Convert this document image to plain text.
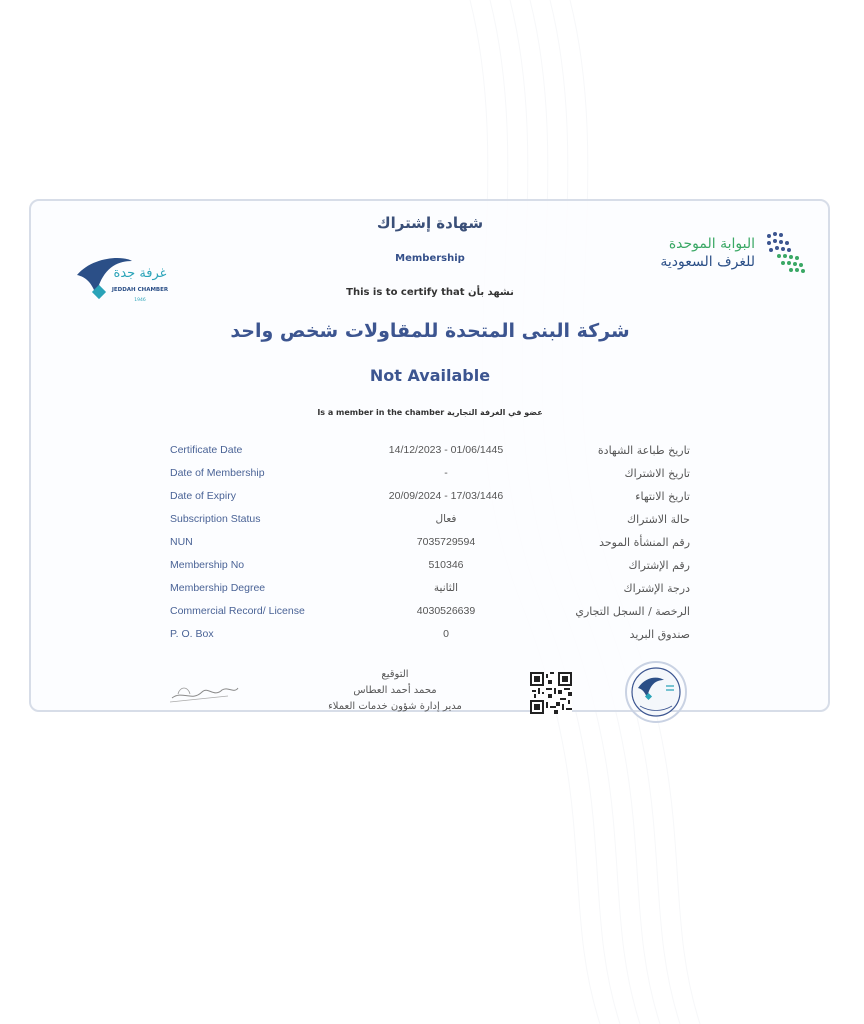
غرفة جدة
JEDDAH CHAMBER
1946
البوابة الموحدة
للغرف السعودية
شهادة إشتراك
Membership
This is to certify that نشهد بأن
شركة البنى المتحدة للمقاولات شخص واحد
Not Available
Is a member in the chamber عضو في الغرفة التجارية
Certificate Date	14/12/2023 - 01/06/1445	تاريخ طباعة الشهادة
Date of Membership	-	تاريخ الاشتراك
Date of Expiry	20/09/2024 - 17/03/1446	تاريخ الانتهاء
Subscription Status	فعال	حالة الاشتراك
NUN	7035729594	رقم المنشأة الموحد
Membership No	510346	رقم الإشتراك
Membership Degree	الثانية	درجة الإشتراك
Commercial Record/ License	4030526639	الرخصة / السجل التجاري
P. O. Box	0	صندوق البريد
التوقيع
محمد أحمد العطاس
مدير إدارة شؤون خدمات العملاء
